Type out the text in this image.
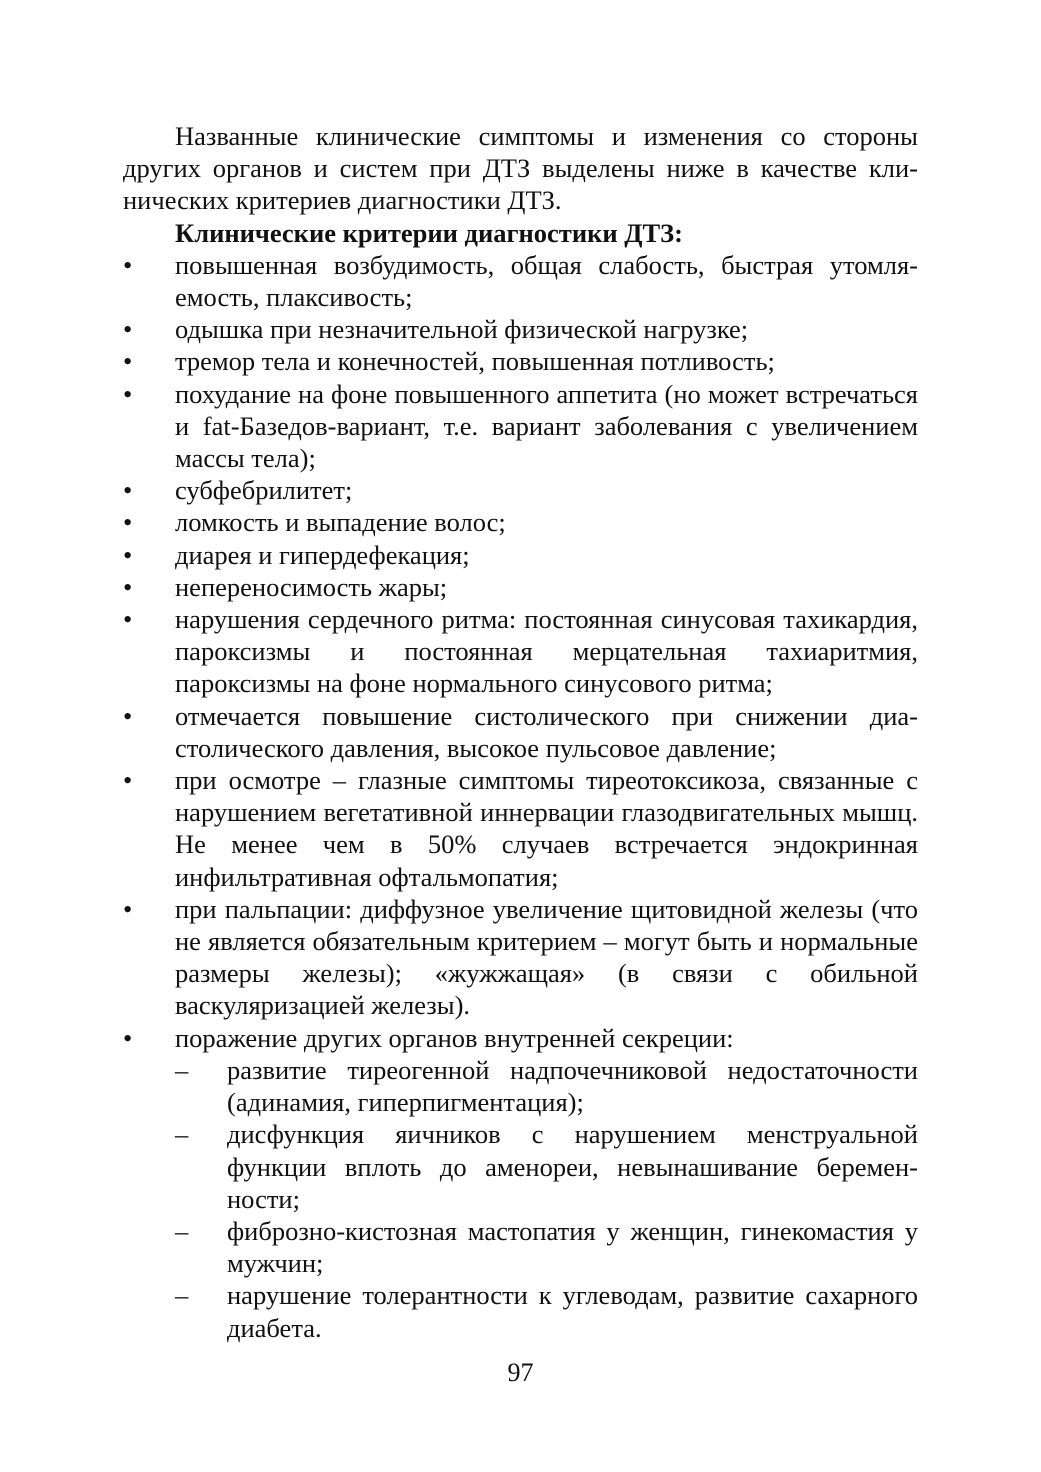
Названные клинические симптомы и изменения со стороны других органов и систем при ДТЗ выделены ниже в качестве клинических критериев диагностики ДТЗ.

Клинические критерии диагностики ДТЗ:

• повышенная возбудимость, общая слабость, быстрая утомляемость, плаксивость;
• одышка при незначительной физической нагрузке;
• тремор тела и конечностей, повышенная потливость;
• похудание на фоне повышенного аппетита (но может встречаться и fat-Базедов-вариант, т.е. вариант заболевания с увеличением массы тела);
• субфебрилитет;
• ломкость и выпадение волос;
• диарея и гипердефекация;
• непереносимость жары;
• нарушения сердечного ритма: постоянная синусовая тахикардия, пароксизмы и постоянная мерцательная тахиаритмия, пароксизмы на фоне нормального синусового ритма;
• отмечается повышение систолического при снижении диастолического давления, высокое пульсовое давление;
• при осмотре – глазные симптомы тиреотоксикоза, связанные с нарушением вегетативной иннервации глазодвигательных мышц. Не менее чем в 50% случаев встречается эндокринная инфильтративная офтальмопатия;
• при пальпации: диффузное увеличение щитовидной железы (что не является обязательным критерием – могут быть и нормальные размеры железы); «жужжащая» (в связи с обильной васкуляризацией железы).
• поражение других органов внутренней секреции:
– развитие тиреогенной надпочечниковой недостаточности (адинамия, гиперпигментация);
– дисфункция яичников с нарушением менструальной функции вплоть до аменореи, невынашивание беременности;
– фиброзно-кистозная мастопатия у женщин, гинекомастия у мужчин;
– нарушение толерантности к углеводам, развитие сахарного диабета.
97
